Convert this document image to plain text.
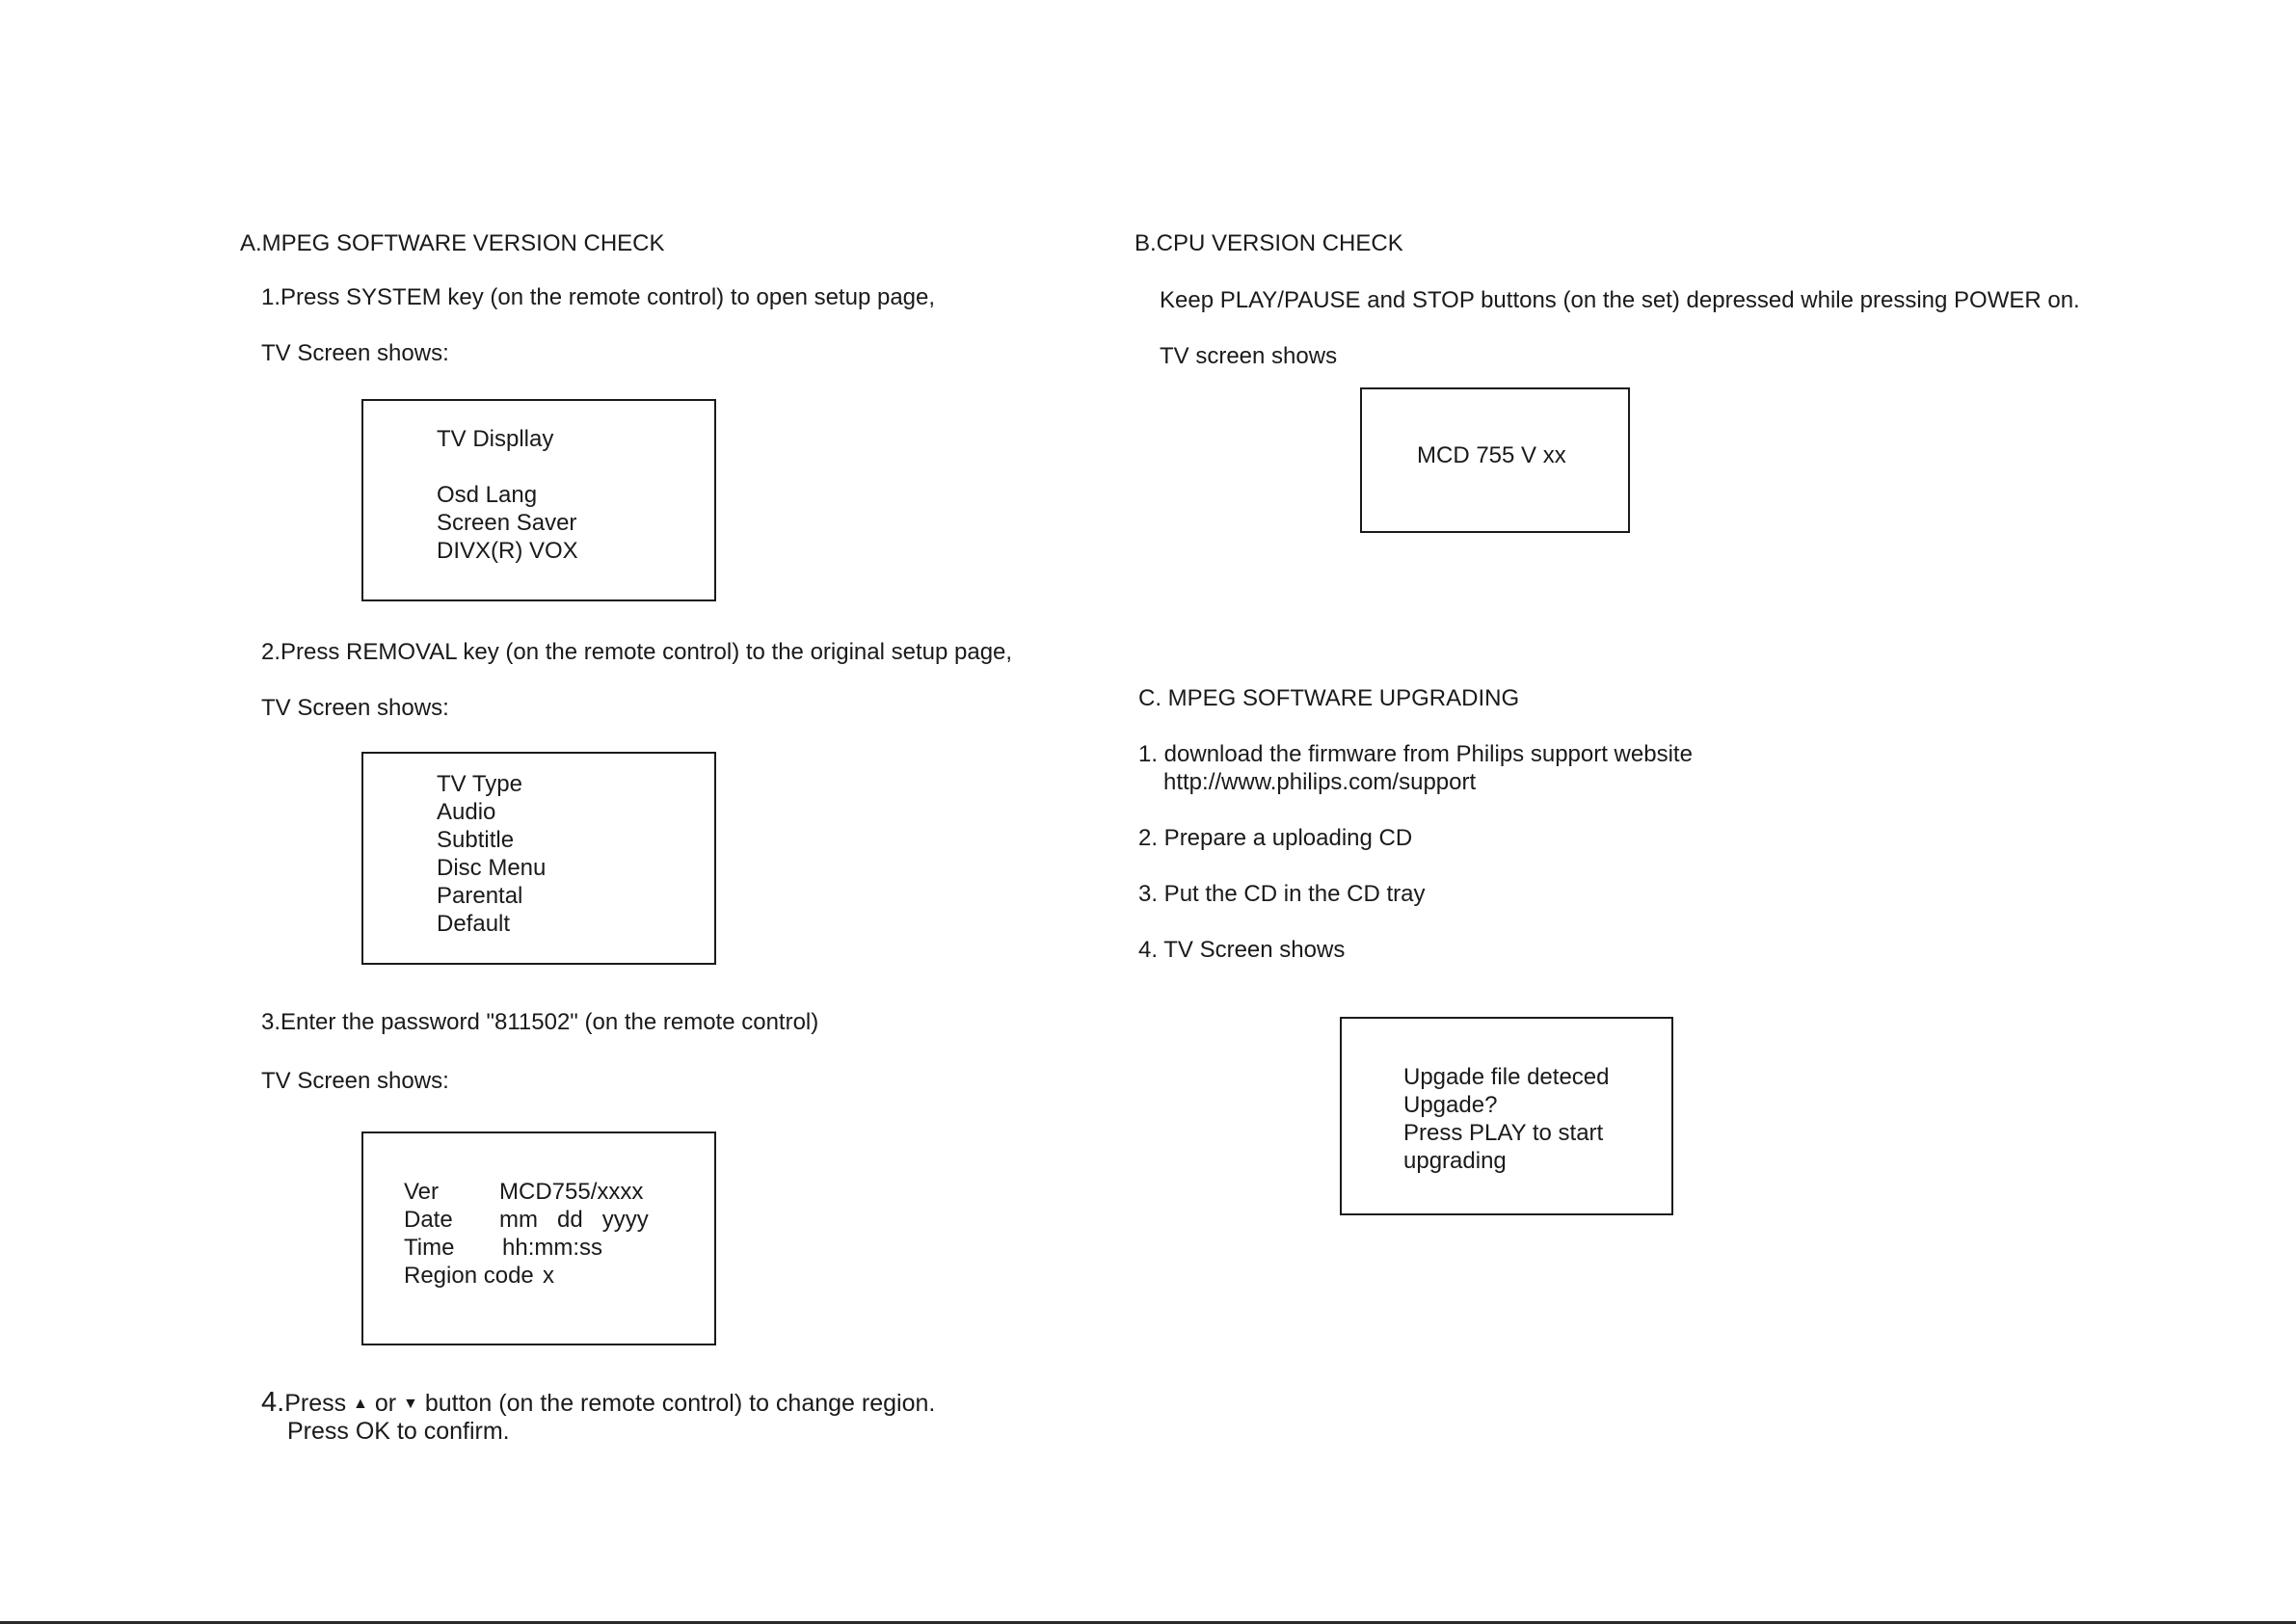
A.MPEG SOFTWARE VERSION CHECK
1.Press SYSTEM key (on the remote control) to open setup page,
TV Screen shows:
TV Displlay
Osd Lang
Screen Saver
DIVX(R) VOX
2.Press REMOVAL key (on the remote control) to the original setup page,
TV Screen shows:
TV Type
Audio
Subtitle
Disc Menu
Parental
Default
3.Enter the password "811502" (on the remote control)
TV Screen shows:
Ver
Date
Time
Region code
MCD755/xxxx
mm   dd   yyyy
hh:mm:ss
x
4.Press ▲ or ▼ button (on the remote control) to change region.
Press OK to confirm.
B.CPU VERSION CHECK
Keep PLAY/PAUSE and STOP buttons (on the set) depressed while pressing POWER on.
TV screen shows
MCD 755 V xx
C. MPEG SOFTWARE UPGRADING
1. download the firmware from Philips support website
http://www.philips.com/support
2. Prepare a uploading CD
3. Put the CD in the CD tray
4. TV Screen shows
Upgade file deteced
Upgade?
Press PLAY to start
upgrading
